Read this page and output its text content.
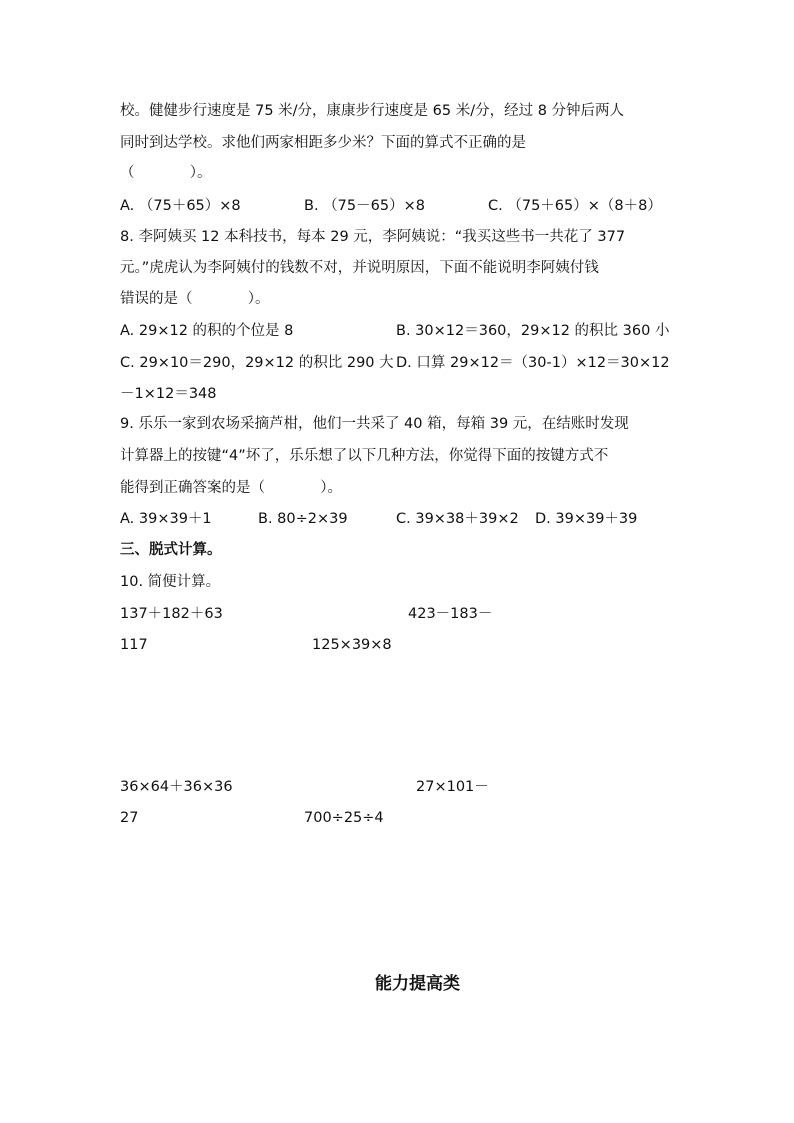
校。健健步行速度是 75 米/分，康康步行速度是 65 米/分，经过 8 分钟后两人
同时到达学校。求他们两家相距多少米？下面的算式不正确的是
（            ）。
A. （75＋65）×8	B. （75－65）×8	C. （75＋65）×（8＋8）
8. 李阿姨买 12 本科技书，每本 29 元，李阿姨说：“我买这些书一共花了 377
元。”虎虎认为李阿姨付的钱数不对，并说明原因，下面不能说明李阿姨付钱
错误的是（            ）。
A. 29×12 的积的个位是 8	B. 30×12＝360，29×12 的积比 360 小
C. 29×10＝290，29×12 的积比 290 大 D. 口算 29×12＝（30-1）×12＝30×12
－1×12＝348
9. 乐乐一家到农场采摘芦柑，他们一共采了 40 箱，每箱 39 元，在结账时发现
计算器上的按键“4”坏了，乐乐想了以下几种方法，你觉得下面的按键方式不
能得到正确答案的是（            ）。
A. 39×39＋1	B. 80÷2×39	C. 39×38＋39×2 D. 39×39＋39
三、脱式计算。
10. 简便计算。
137＋182＋63	423－183－
117	125×39×8
36×64＋36×36	27×101－
27	700÷25÷4
能力提高类
